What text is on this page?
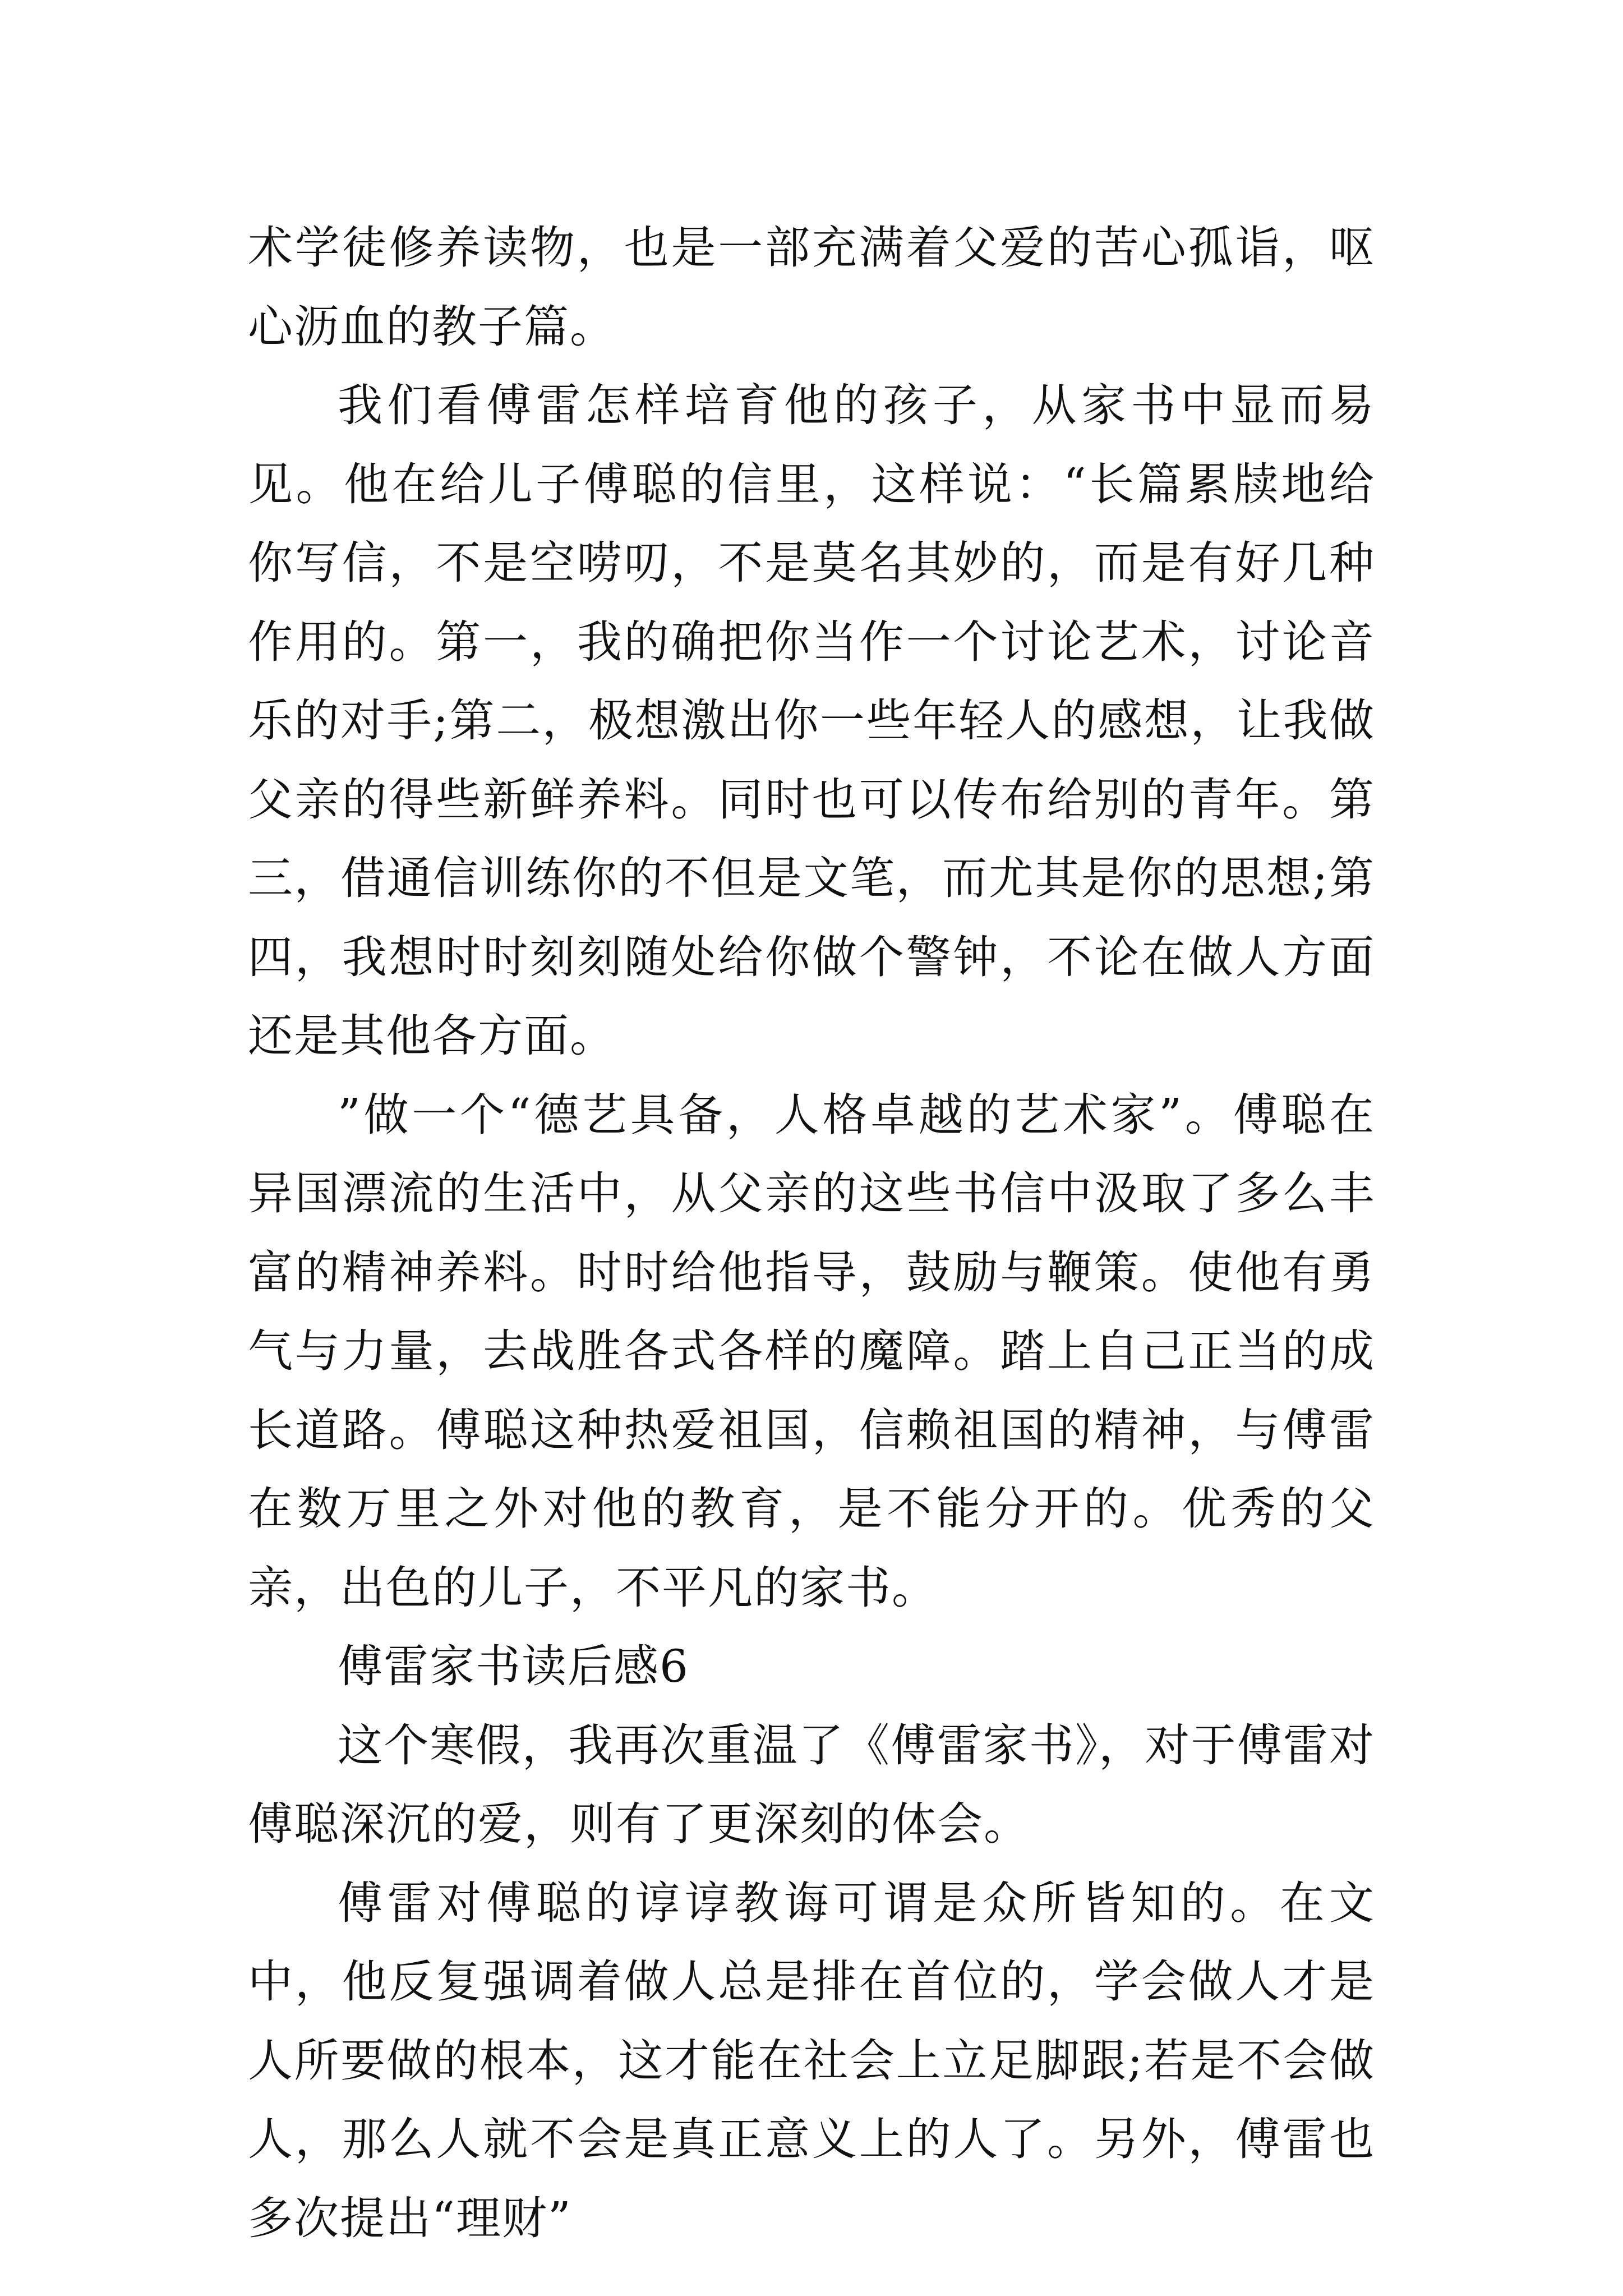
术学徒修养读物，也是一部充满着父爱的苦心孤诣，呕心沥血的教子篇。

我们看傅雷怎样培育他的孩子，从家书中显而易见。他在给儿子傅聪的信里，这样说：“长篇累牍地给你写信，不是空唠叨，不是莫名其妙的，而是有好几种作用的。第一，我的确把你当作一个讨论艺术，讨论音乐的对手;第二，极想激出你一些年轻人的感想，让我做父亲的得些新鲜养料。同时也可以传布给别的青年。第三，借通信训练你的不但是文笔，而尤其是你的思想;第四，我想时时刻刻随处给你做个警钟，不论在做人方面还是其他各方面。

”做一个“德艺具备，人格卓越的艺术家”。傅聪在异国漂流的生活中，从父亲的这些书信中汲取了多么丰富的精神养料。时时给他指导，鼓励与鞭策。使他有勇气与力量，去战胜各式各样的魔障。踏上自己正当的成长道路。傅聪这种热爱祖国，信赖祖国的精神，与傅雷在数万里之外对他的教育，是不能分开的。优秀的父亲，出色的儿子，不平凡的家书。

傅雷家书读后感6

这个寒假，我再次重温了《傅雷家书》，对于傅雷对傅聪深沉的爱，则有了更深刻的体会。

傅雷对傅聪的谆谆教诲可谓是众所皆知的。在文中，他反复强调着做人总是排在首位的，学会做人才是人所要做的根本，这才能在社会上立足脚跟;若是不会做人，那么人就不会是真正意义上的人了。另外，傅雷也多次提出“理财”
